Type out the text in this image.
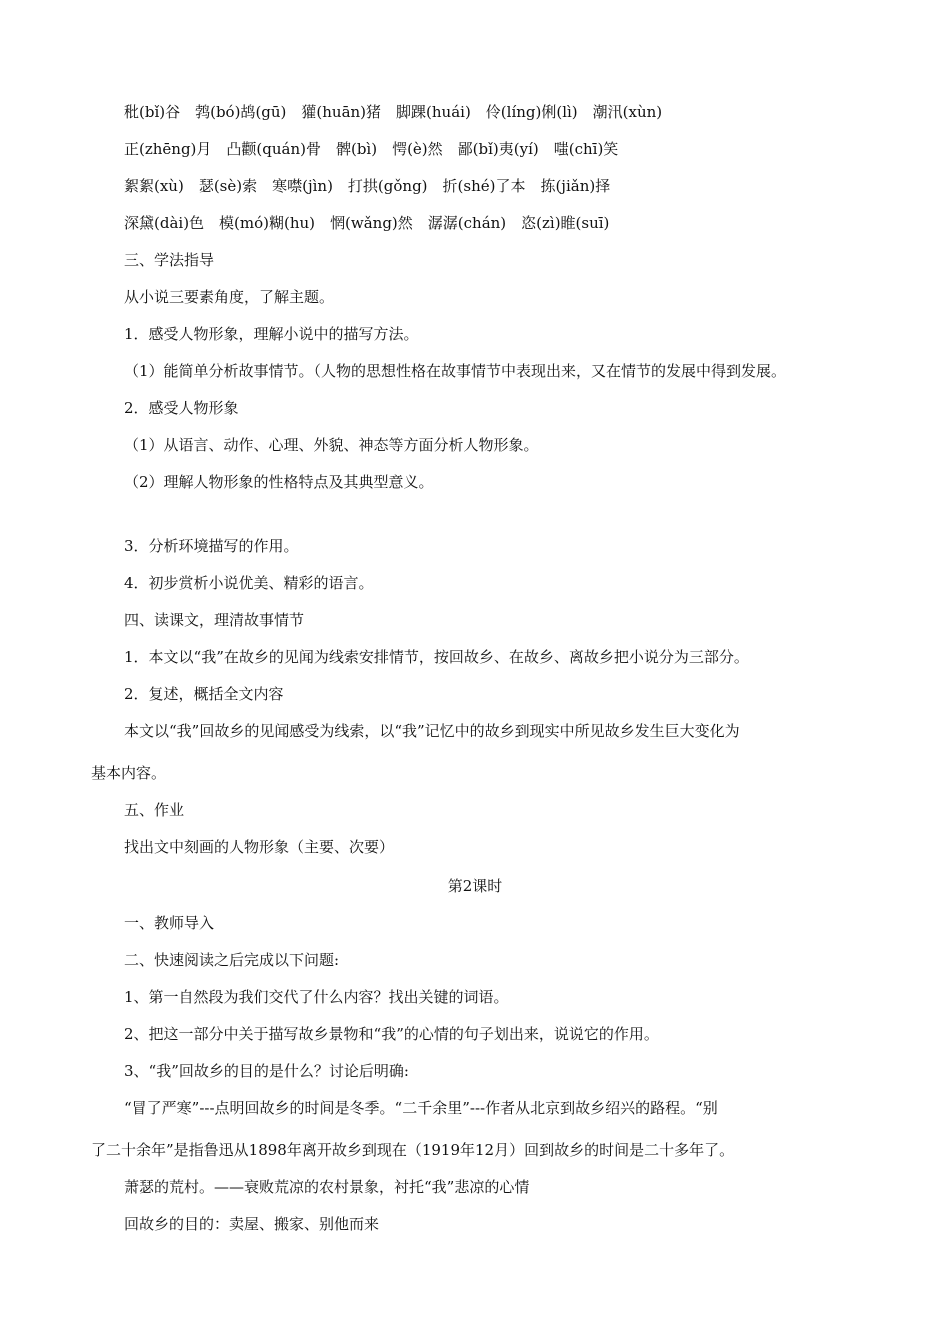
秕(bǐ)谷　鹁(bó)鸪(gū)　獾(huān)猪　脚踝(huái)　伶(líng)俐(lì)　潮汛(xùn)
正(zhēng)月　凸颧(quán)骨　髀(bì)　愕(è)然　鄙(bǐ)夷(yí)　嗤(chī)笑
絮絮(xù)　瑟(sè)索　寒噤(jìn)　打拱(gǒng)　折(shé)了本　拣(jiǎn)择
深黛(dài)色　模(mó)糊(hu)　惘(wǎng)然　潺潺(chán)　恣(zì)睢(suī)
三、学法指导
从小说三要素角度，了解主题。
1．感受人物形象，理解小说中的描写方法。
（1）能简单分析故事情节。（人物的思想性格在故事情节中表现出来，又在情节的发展中得到发展。
2．感受人物形象
（1）从语言、动作、心理、外貌、神态等方面分析人物形象。
（2）理解人物形象的性格特点及其典型意义。
3．分析环境描写的作用。
4．初步赏析小说优美、精彩的语言。
四、读课文，理清故事情节
1．本文以“我”在故乡的见闻为线索安排情节，按回故乡、在故乡、离故乡把小说分为三部分。
2．复述，概括全文内容
本文以“我”回故乡的见闻感受为线索，以“我”记忆中的故乡到现实中所见故乡发生巨大变化为
基本内容。
五、作业
找出文中刻画的人物形象（主要、次要）
第2课时
一、教师导入
二、快速阅读之后完成以下问题:
1、第一自然段为我们交代了什么内容？找出关键的词语。
2、把这一部分中关于描写故乡景物和“我”的心情的句子划出来，说说它的作用。
3、“我”回故乡的目的是什么？讨论后明确:
“冒了严寒”---点明回故乡的时间是冬季。“二千余里”---作者从北京到故乡绍兴的路程。“别
了二十余年”是指鲁迅从1898年离开故乡到现在（1919年12月）回到故乡的时间是二十多年了。
萧瑟的荒村。——衰败荒凉的农村景象，衬托“我”悲凉的心情
回故乡的目的：卖屋、搬家、别他而来
